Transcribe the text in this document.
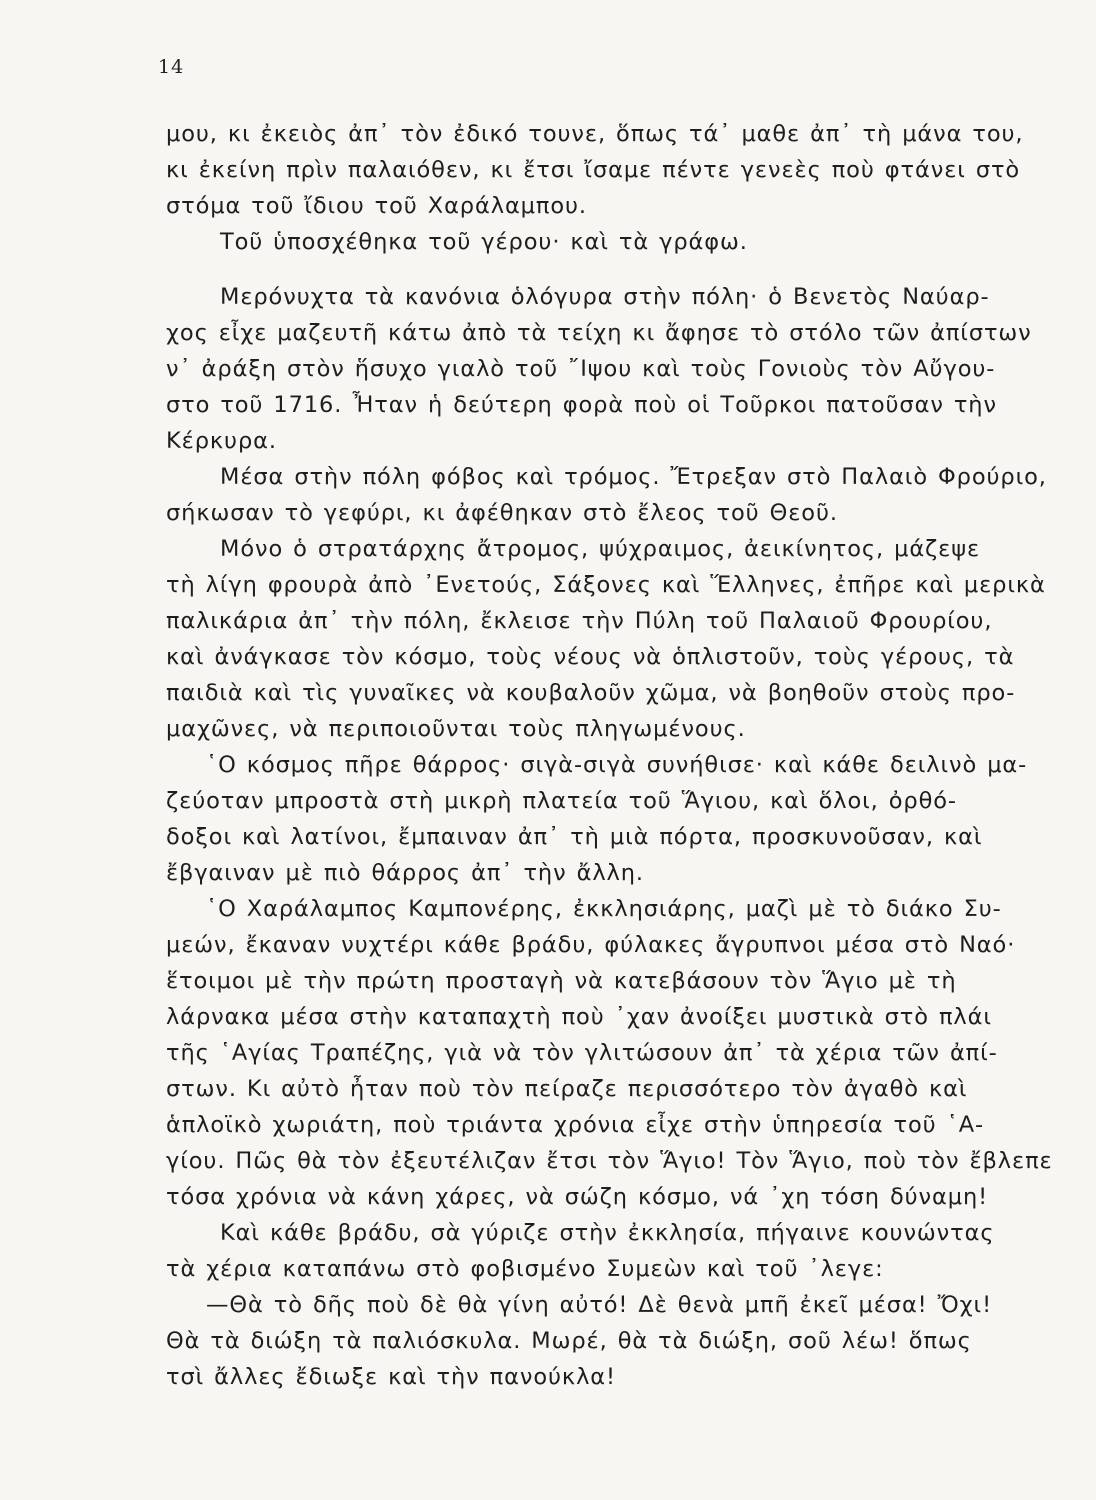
14
μου, κι ἐκειὸς ἀπ᾽ τὸν ἐδικό τουνε, ὅπως τά᾽ μαθε ἀπ᾽ τὴ μάνα του,
κι ἐκείνη πρὶν παλαιόθεν, κι ἔτσι ἴσαμε πέντε γενεὲς ποὺ φτάνει στὸ
στόμα τοῦ ἴδιου τοῦ Χαράλαμπου.
Τοῦ ὑποσχέθηκα τοῦ γέρου· καὶ τὰ γράφω.
Μερόνυχτα τὰ κανόνια ὁλόγυρα στὴν πόλη· ὁ Βενετὸς Ναύαρ-
χος εἶχε μαζευτῆ κάτω ἀπὸ τὰ τείχη κι ἄφησε τὸ στόλο τῶν ἀπίστων
ν᾽ ἀράξη στὸν ἥσυχο γιαλὸ τοῦ ῎Ιψου καὶ τοὺς Γονιοὺς τὸν Αὔγου-
στο τοῦ 1716. Ἦταν ἡ δεύτερη φορὰ ποὺ οἱ Τοῦρκοι πατοῦσαν τὴν
Κέρκυρα.
Μέσα στὴν πόλη φόβος καὶ τρόμος. Ἔτρεξαν στὸ Παλαιὸ Φρούριο,
σήκωσαν τὸ γεφύρι, κι ἀφέθηκαν στὸ ἔλεος τοῦ Θεοῦ.
Μόνο ὁ στρατάρχης ἄτρομος, ψύχραιμος, ἀεικίνητος, μάζεψε
τὴ λίγη φρουρὰ ἀπὸ ᾽Ενετούς, Σάξονες καὶ Ἕλληνες, ἐπῆρε καὶ μερικὰ
παλικάρια ἀπ᾽ τὴν πόλη, ἔκλεισε τὴν Πύλη τοῦ Παλαιοῦ Φρουρίου,
καὶ ἀνάγκασε τὸν κόσμο, τοὺς νέους νὰ ὁπλιστοῦν, τοὺς γέρους, τὰ
παιδιὰ καὶ τὶς γυναῖκες νὰ κουβαλοῦν χῶμα, νὰ βοηθοῦν στοὺς προ-
μαχῶνες, νὰ περιποιοῦνται τοὺς πληγωμένους.
῾Ο κόσμος πῆρε θάρρος· σιγὰ-σιγὰ συνήθισε· καὶ κάθε δειλινὸ μα-
ζεύοταν μπροστὰ στὴ μικρὴ πλατεία τοῦ Ἅγιου, καὶ ὅλοι, ὀρθό-
δοξοι καὶ λατίνοι, ἔμπαιναν ἀπ᾽ τὴ μιὰ πόρτα, προσκυνοῦσαν, καὶ
ἔβγαιναν μὲ πιὸ θάρρος ἀπ᾽ τὴν ἄλλη.
῾Ο Χαράλαμπος Καμπονέρης, ἐκκλησιάρης, μαζὶ μὲ τὸ διάκο Συ-
μεών, ἔκαναν νυχτέρι κάθε βράδυ, φύλακες ἄγρυπνοι μέσα στὸ Ναό·
ἕτοιμοι μὲ τὴν πρώτη προσταγὴ νὰ κατεβάσουν τὸν Ἅγιο μὲ τὴ
λάρνακα μέσα στὴν καταπαχτὴ ποὺ ᾽χαν ἀνοίξει μυστικὰ στὸ πλάι
τῆς ῾Αγίας Τραπέζης, γιὰ νὰ τὸν γλιτώσουν ἀπ᾽ τὰ χέρια τῶν ἀπί-
στων. Κι αὐτὸ ἦταν ποὺ τὸν πείραζε περισσότερο τὸν ἀγαθὸ καὶ
ἁπλοϊκὸ χωριάτη, ποὺ τριάντα χρόνια εἶχε στὴν ὑπηρεσία τοῦ ῾Α-
γίου. Πῶς θὰ τὸν ἐξευτέλιζαν ἔτσι τὸν Ἅγιο! Τὸν Ἅγιο, ποὺ τὸν ἔβλεπε
τόσα χρόνια νὰ κάνη χάρες, νὰ σώζη κόσμο, νά ᾽χη τόση δύναμη!
Καὶ κάθε βράδυ, σὰ γύριζε στὴν ἐκκλησία, πήγαινε κουνώντας
τὰ χέρια καταπάνω στὸ φοβισμένο Συμεὼν καὶ τοῦ ᾽λεγε:
—Θὰ τὸ δῆς ποὺ δὲ θὰ γίνη αὐτό! Δὲ θενὰ μπῆ ἐκεῖ μέσα! Ὄχι!
Θὰ τὰ διώξη τὰ παλιόσκυλα. Μωρέ, θὰ τὰ διώξη, σοῦ λέω! ὅπως
τσὶ ἄλλες ἔδιωξε καὶ τὴν πανούκλα!
